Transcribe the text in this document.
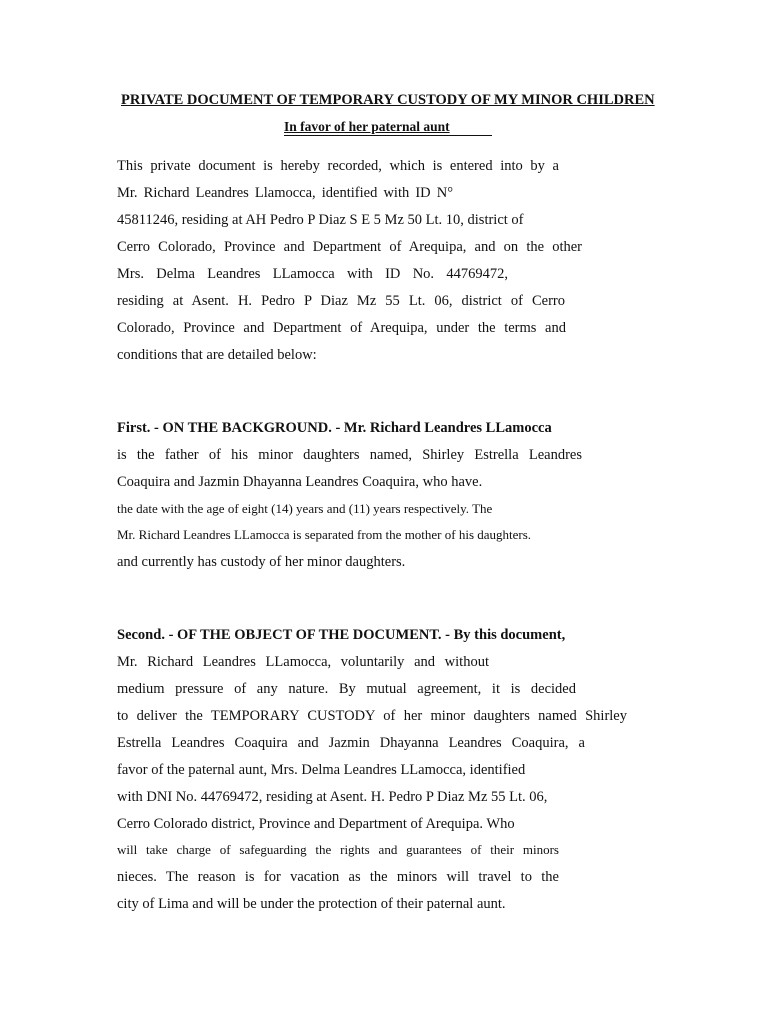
PRIVATE DOCUMENT OF TEMPORARY CUSTODY OF MY MINOR CHILDREN
In favor of her paternal aunt
This private document is hereby recorded, which is entered into by a
Mr. Richard Leandres Llamocca, identified with ID N°
45811246, residing at AH Pedro P Diaz S E 5 Mz 50 Lt. 10, district of
Cerro Colorado, Province and Department of Arequipa, and on the other
Mrs. Delma Leandres LLamocca with ID No. 44769472,
residing at Asent. H. Pedro P Diaz Mz 55 Lt. 06, district of Cerro
Colorado, Province and Department of Arequipa, under the terms and
conditions that are detailed below:
First. - ON THE BACKGROUND. - Mr. Richard Leandres LLamocca
is the father of his minor daughters named, Shirley Estrella Leandres
Coaquira and Jazmin Dhayanna Leandres Coaquira, who have.
the date with the age of eight (14) years and (11) years respectively. The
Mr. Richard Leandres LLamocca is separated from the mother of his daughters.
and currently has custody of her minor daughters.
Second. - OF THE OBJECT OF THE DOCUMENT. - By this document,
Mr. Richard Leandres LLamocca, voluntarily and without
medium pressure of any nature. By mutual agreement, it is decided
to deliver the TEMPORARY CUSTODY of her minor daughters named Shirley
Estrella Leandres Coaquira and Jazmin Dhayanna Leandres Coaquira, a
favor of the paternal aunt, Mrs. Delma Leandres LLamocca, identified
with DNI No. 44769472, residing at Asent. H. Pedro P Diaz Mz 55 Lt. 06,
Cerro Colorado district, Province and Department of Arequipa. Who
will take charge of safeguarding the rights and guarantees of their minors
nieces. The reason is for vacation as the minors will travel to the
city of Lima and will be under the protection of their paternal aunt.
